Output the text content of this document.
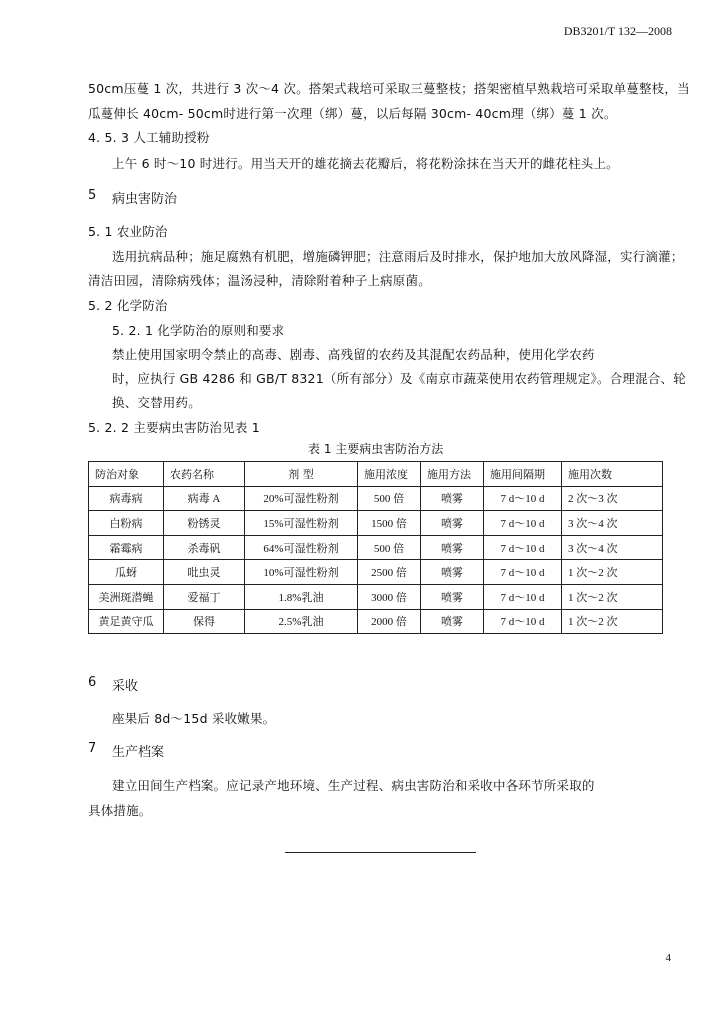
DB3201/T 132—2008
50cm压蔓 1 次，共进行 3 次～4 次。搭架式栽培可采取三蔓整枝；搭架密植早熟栽培可采取单蔓整枝，当
瓜蔓伸长 40cm- 50cm时进行第一次理（绑）蔓，以后每隔 30cm- 40cm理（绑）蔓 1 次。
4. 5. 3 人工辅助授粉
上午 6 时～10 时进行。用当天开的雄花摘去花瓣后，将花粉涂抹在当天开的雌花柱头上。
5 病虫害防治
5. 1 农业防治
选用抗病品种；施足腐熟有机肥，增施磷钾肥；注意雨后及时排水，保护地加大放风降湿，实行滴灌；
清洁田园，清除病残体；温汤浸种，清除附着种子上病原菌。
5. 2 化学防治
5. 2. 1 化学防治的原则和要求
禁止使用国家明令禁止的高毒、剧毒、高残留的农药及其混配农药品种，使用化学农药
时，应执行 GB 4286 和 GB/T 8321（所有部分）及《南京市蔬菜使用农药管理规定》。合理混合、轮
换、交替用药。
5. 2. 2 主要病虫害防治见表 1
表 1 主要病虫害防治方法
防治对象	农药名称	剂 型	施用浓度	施用方法	施用间隔期	施用次数
病毒病	病毒 A	20%可湿性粉剂	500 倍	喷雾	7 d～10 d	2 次～3 次
白粉病	粉锈灵	15%可湿性粉剂	1500 倍	喷雾	7 d～10 d	3 次～4 次
霜霉病	杀毒矾	64%可湿性粉剂	500 倍	喷雾	7 d～10 d	3 次～4 次
瓜蚜	吡虫灵	10%可湿性粉剂	2500 倍	喷雾	7 d～10 d	1 次～2 次
美洲斑潜蝇	爱福丁	1.8%乳油	3000 倍	喷雾	7 d～10 d	1 次～2 次
黄足黄守瓜	保得	2.5%乳油	2000 倍	喷雾	7 d～10 d	1 次～2 次
6 采收
座果后 8d～15d 采收嫩果。
7 生产档案
建立田间生产档案。应记录产地环境、生产过程、病虫害防治和采收中各环节所采取的
具体措施。
4
